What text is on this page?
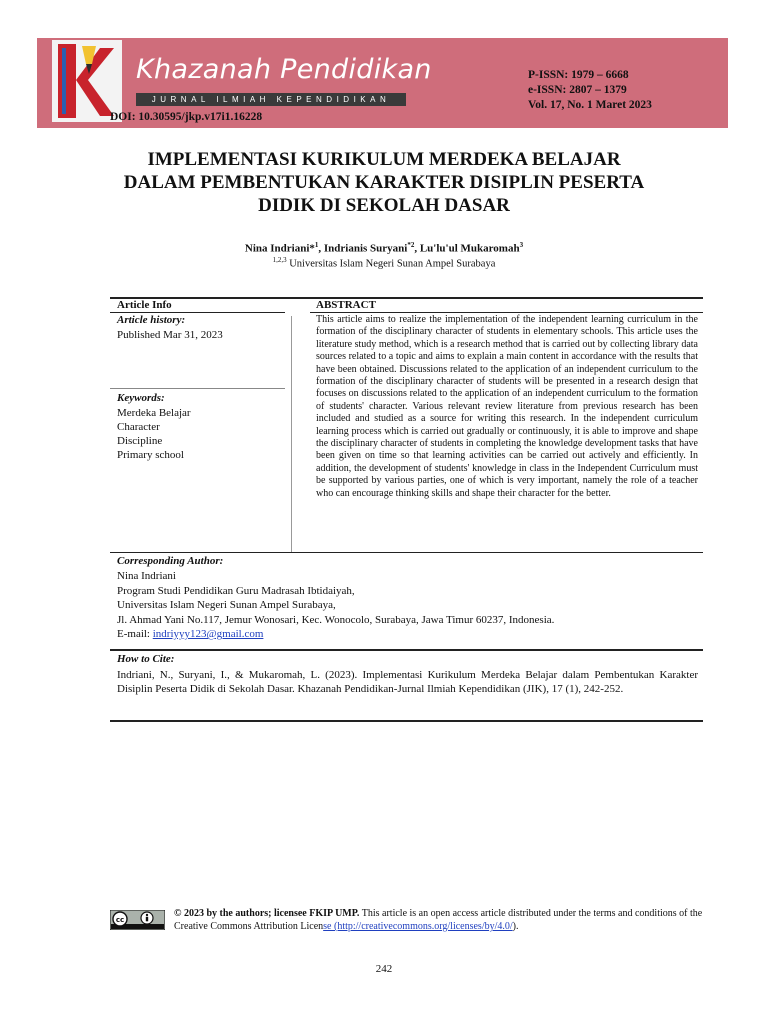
Khazanah Pendidikan
JURNAL ILMIAH KEPENDIDIKAN
P-ISSN: 1979 – 6668
e-ISSN: 2807 – 1379
Vol. 17, No. 1 Maret 2023
DOI: 10.30595/jkp.v17i1.16228
IMPLEMENTASI KURIKULUM MERDEKA BELAJAR
DALAM PEMBENTUKAN KARAKTER DISIPLIN PESERTA
DIDIK DI SEKOLAH DASAR
Nina Indriani*$^1$, Indrianis Suryani$^{*2}$, Lu'lu'ul Mukaromah$^3$
$^{1,2,3}$ Universitas Islam Negeri Sunan Ampel Surabaya
Article Info	ABSTRACT
Article history:
Published Mar 31, 2023
Keywords:
Merdeka Belajar
Character
Discipline
Primary school
This article aims to realize the implementation of the independent learning curriculum in the formation of the disciplinary character of students in elementary schools. This article uses the literature study method, which is a research method that is carried out by collecting library data sources related to a topic and aims to explain a main content in accordance with the results that have been obtained. Discussions related to the application of an independent curriculum to the formation of the disciplinary character of students will be presented in a research design that focuses on discussions related to the application of an independent curriculum to the formation of students' character. Various relevant review literature from previous research has been included and studied as a source for writing this research. In the independent curriculum learning process which is carried out gradually or continuously, it is able to improve and shape the disciplinary character of students in completing the knowledge development tasks that have been given on time so that learning activities can be carried out actively and efficiently. In addition, the development of students' knowledge in class in the Independent Curriculum must be supported by various parties, one of which is very important, namely the role of a teacher who can encourage thinking skills and shape their character for the better.
Corresponding Author:
Nina Indriani
Program Studi Pendidikan Guru Madrasah Ibtidaiyah,
Universitas Islam Negeri Sunan Ampel Surabaya,
Jl. Ahmad Yani No.117, Jemur Wonosari, Kec. Wonocolo, Surabaya, Jawa Timur 60237, Indonesia.
E-mail: indriyyy123@gmail.com
How to Cite:
Indriani, N., Suryani, I., & Mukaromah, L. (2023). Implementasi Kurikulum Merdeka Belajar dalam Pembentukan Karakter Disiplin Peserta Didik di Sekolah Dasar. Khazanah Pendidikan-Jurnal Ilmiah Kependidikan (JIK), 17 (1), 242-252.
cc
© 2023 by the authors; licensee FKIP UMP. This article is an open access article distributed under the terms and conditions of the Creative Commons Attribution License (http://creativecommons.org/licenses/by/4.0/).
242
